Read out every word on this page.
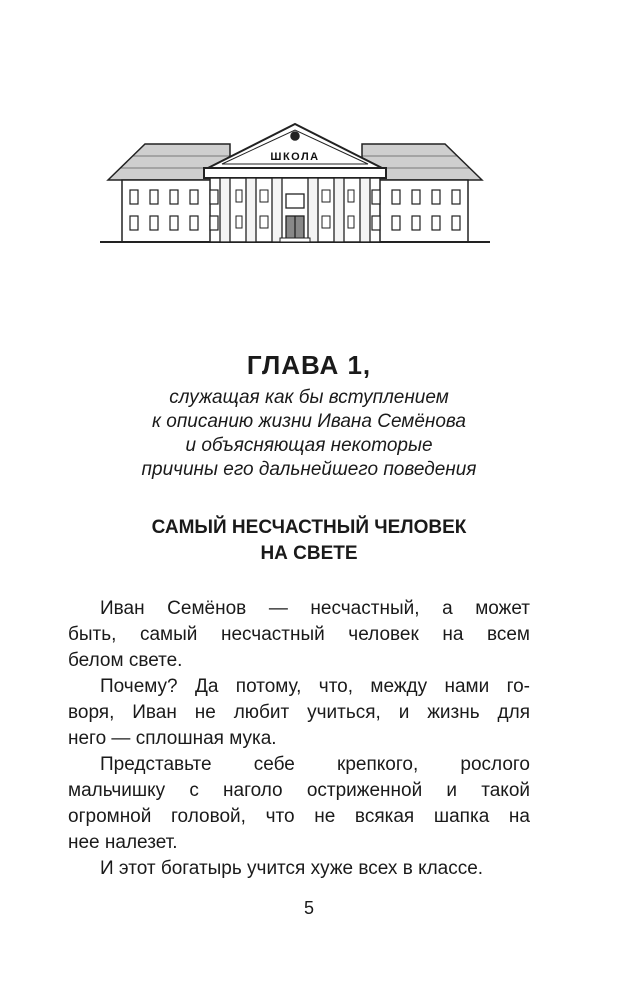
ШКОЛА
ГЛАВА 1,
служащая как бы вступлением
к описанию жизни Ивана Семёнова
и объясняющая некоторые
причины его дальнейшего поведения
САМЫЙ НЕСЧАСТНЫЙ ЧЕЛОВЕК
НА СВЕТЕ
Иван Семёнов — несчастный, а может
быть, самый несчастный человек на всем
белом свете.
Почему? Да потому, что, между нами го-
воря, Иван не любит учиться, и жизнь для
него — сплошная мука.
Представьте себе крепкого, рослого
мальчишку с наголо остриженной и такой
огромной головой, что не всякая шапка на
нее налезет.
И этот богатырь учится хуже всех в классе.
5
